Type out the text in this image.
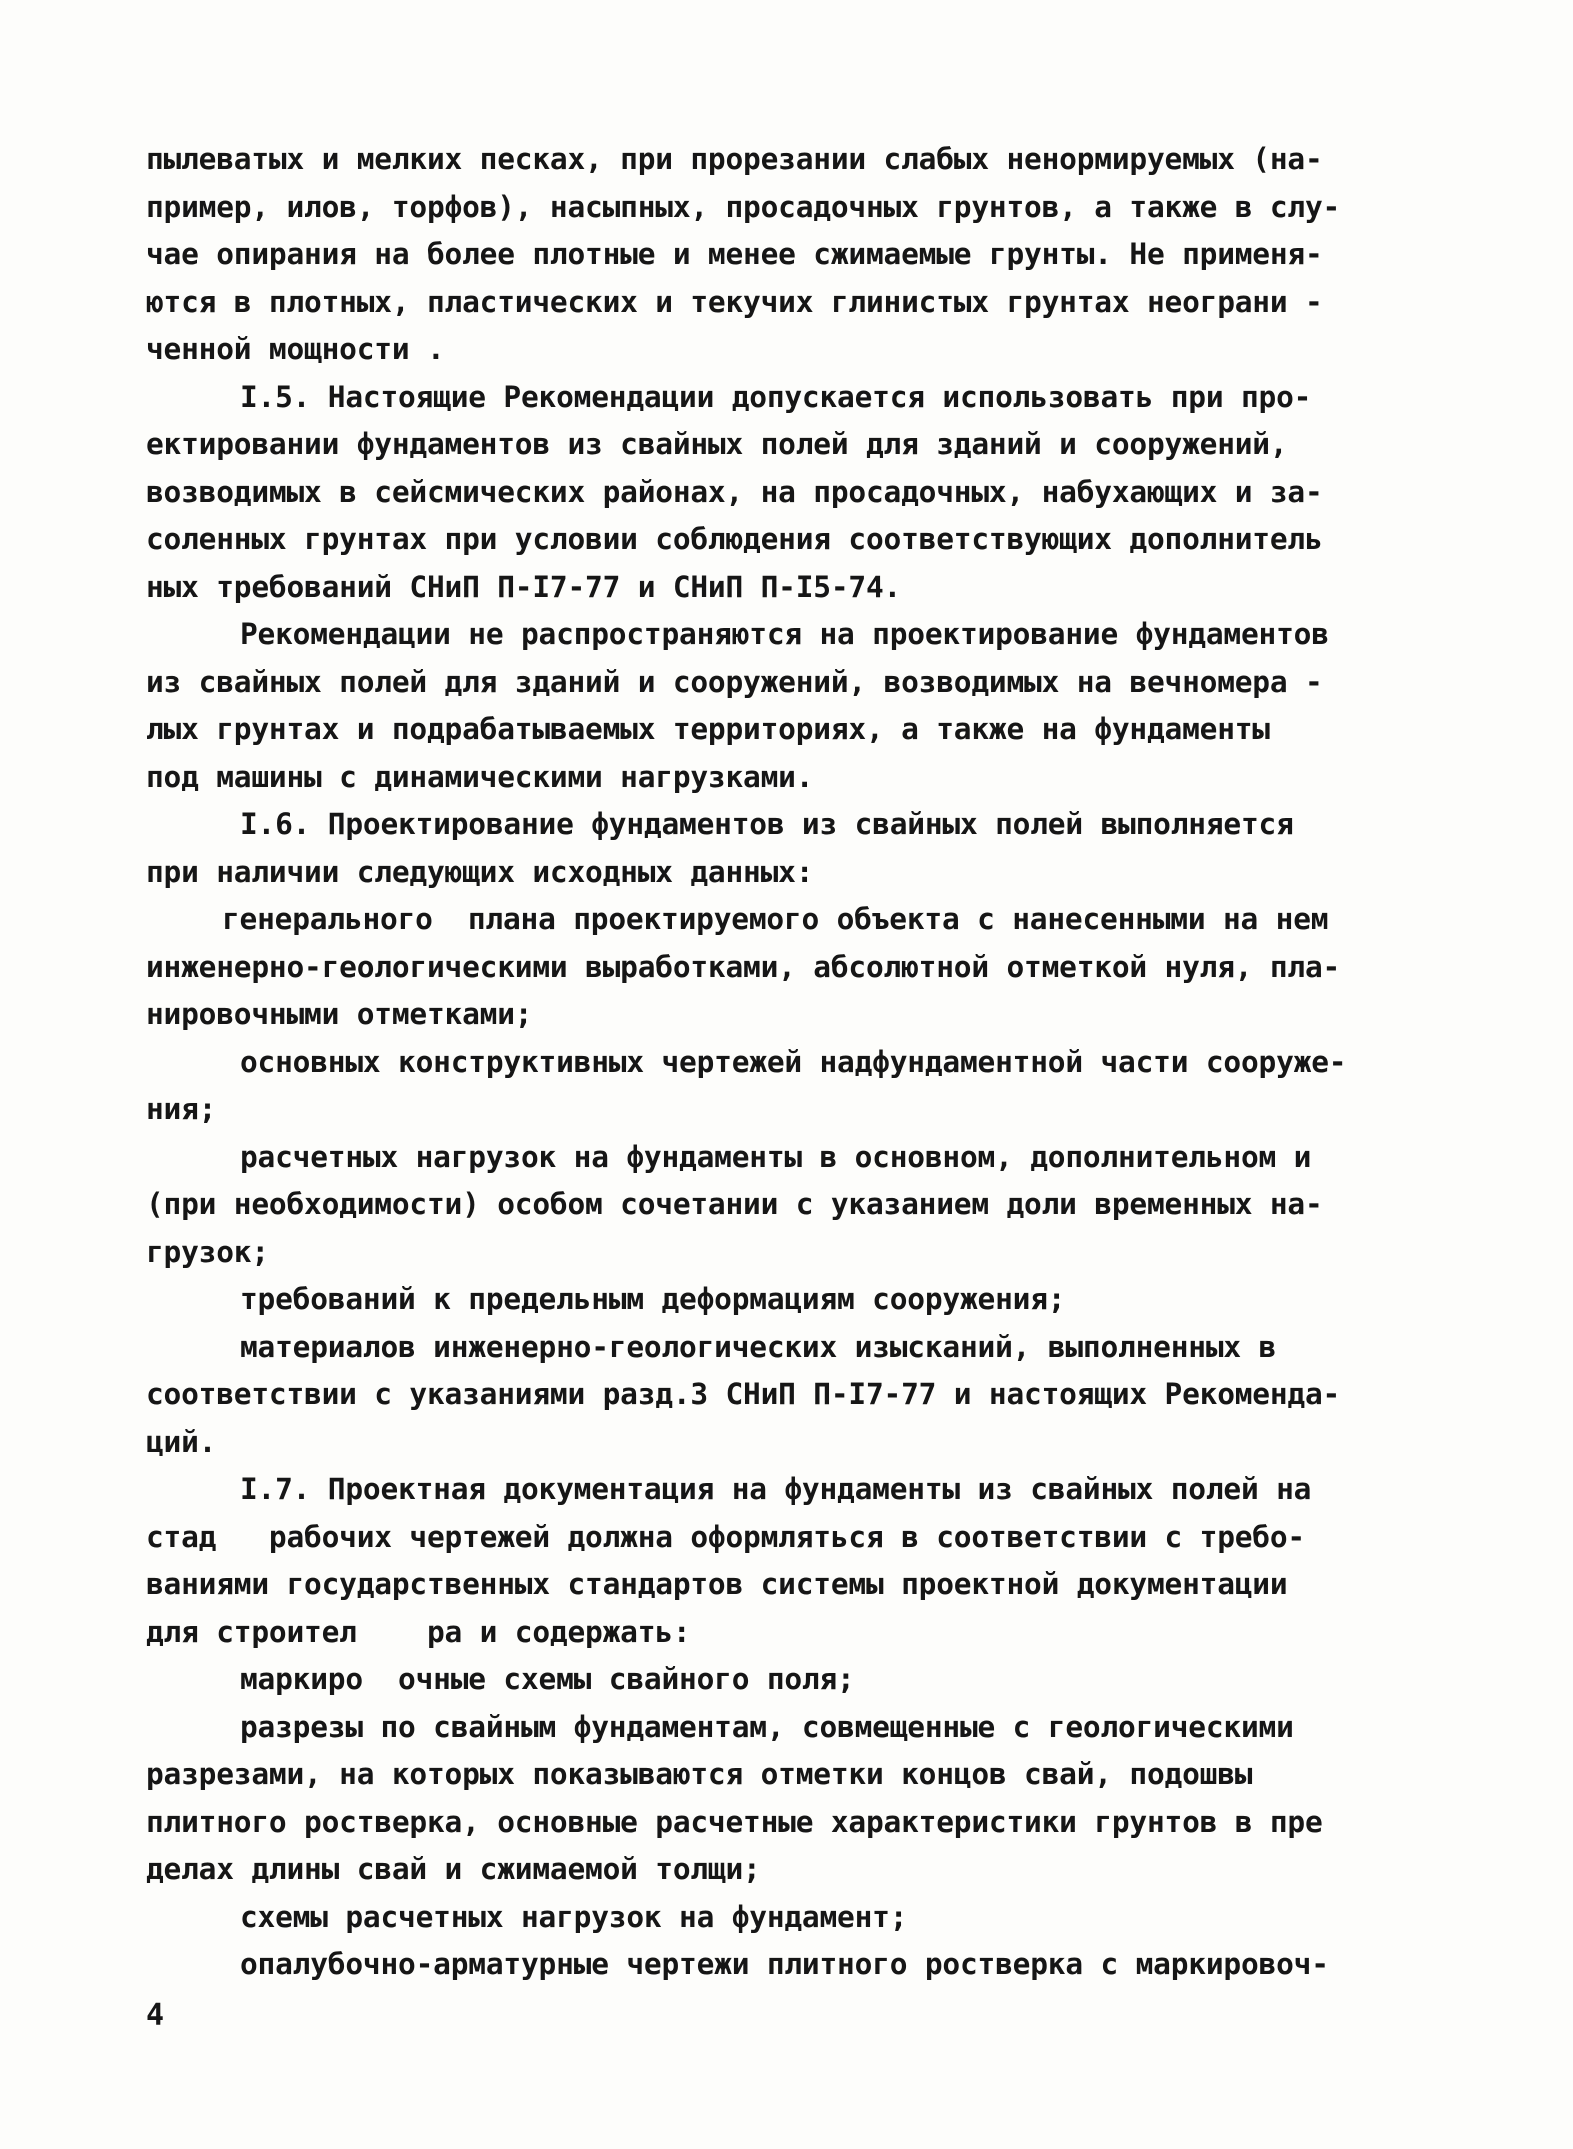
пылеватых и мелких песках, при прорезании слабых ненормируемых (на-
пример, илов, торфов), насыпных, просадочных грунтов, а также в слу-
чае опирания на более плотные и менее сжимаемые грунты. Не применя-
ются в плотных, пластических и текучих глинистых грунтах неограни -
ченной мощности .
I.5. Настоящие Рекомендации допускается использовать при про-
ектировании фундаментов из свайных полей для зданий и сооружений,
возводимых в сейсмических районах, на просадочных, набухающих и за-
соленных грунтах при условии соблюдения соответствующих дополнитель
ных требований СНиП П-I7-77 и СНиП П-I5-74.
Рекомендации не распространяются на проектирование фундаментов
из свайных полей для зданий и сооружений, возводимых на вечномера -
лых грунтах и подрабатываемых территориях, а также на фундаменты
под машины с динамическими нагрузками.
I.6. Проектирование фундаментов из свайных полей выполняется
при наличии следующих исходных данных:
генерального  плана проектируемого объекта с нанесенными на нем
инженерно-геологическими выработками, абсолютной отметкой нуля, пла-
нировочными отметками;
основных конструктивных чертежей надфундаментной части сооруже-
ния;
расчетных нагрузок на фундаменты в основном, дополнительном и
(при необходимости) особом сочетании с указанием доли временных на-
грузок;
требований к предельным деформациям сооружения;
материалов инженерно-геологических изысканий, выполненных в
соответствии с указаниями разд.3 СНиП П-I7-77 и настоящих Рекоменда-
ций.
I.7. Проектная документация на фундаменты из свайных полей на
стад   рабочих чертежей должна оформляться в соответствии с требо-
ваниями государственных стандартов системы проектной документации
для строител    ра и содержать:
маркиро  очные схемы свайного поля;
разрезы по свайным фундаментам, совмещенные с геологическими
разрезами, на которых показываются отметки концов свай, подошвы
плитного ростверка, основные расчетные характеристики грунтов в пре
делах длины свай и сжимаемой толщи;
схемы расчетных нагрузок на фундамент;
опалубочно-арматурные чертежи плитного ростверка с маркировоч-
4
